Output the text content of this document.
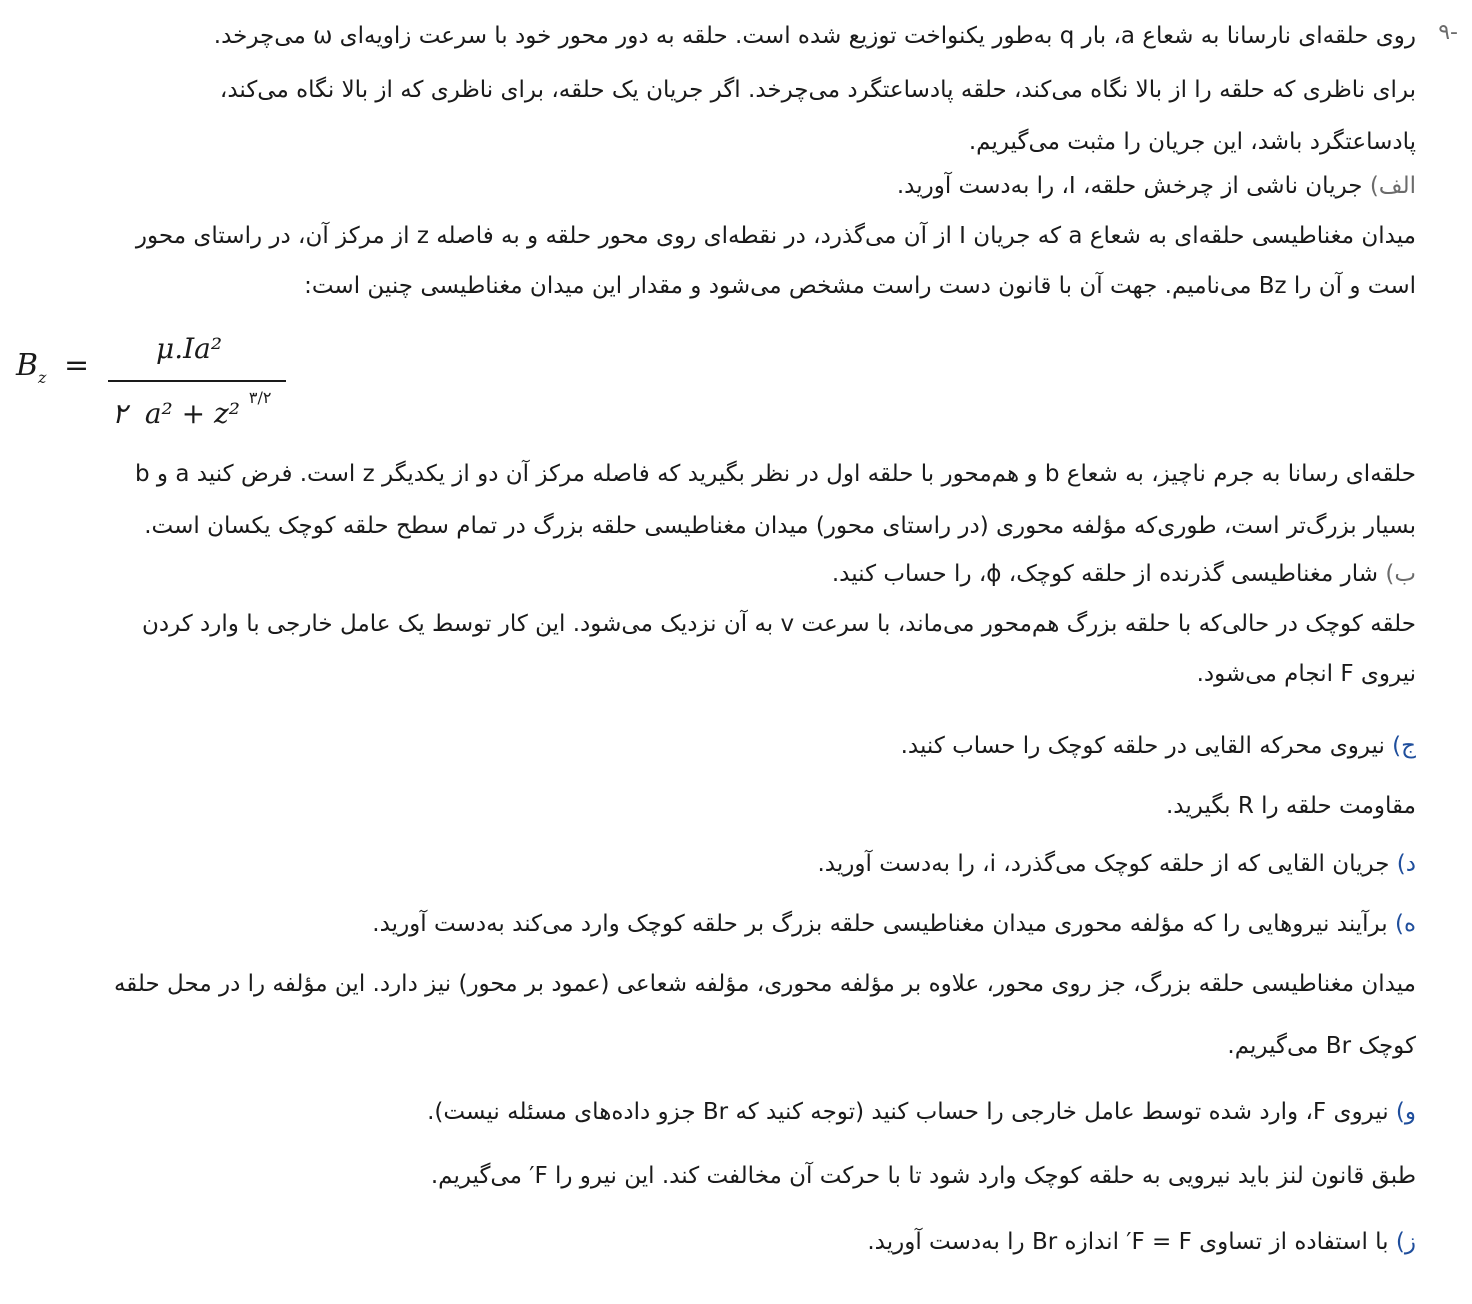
-۹
روی حلقه‌ای نارسانا به شعاع a، بار q به‌طور یکنواخت توزیع شده است. حلقه به دور محور خود با سرعت زاویه‌ای ω می‌چرخد.
برای ناظری که حلقه را از بالا نگاه می‌کند، حلقه پادساعتگرد می‌چرخد. اگر جریان یک حلقه، برای ناظری که از بالا نگاه می‌کند،
پادساعتگرد باشد، این جریان را مثبت می‌گیریم.
الف) جریان ناشی از چرخش حلقه، I، را به‌دست آورید.
میدان مغناطیسی حلقه‌ای به شعاع a که جریان I از آن می‌گذرد، در نقطه‌ای روی محور حلقه و به فاصله z از مرکز آن، در راستای محور
است و آن را Bz می‌نامیم. جهت آن با قانون دست راست مشخص می‌شود و مقدار این میدان مغناطیسی چنین است:
$B_z = \mu.Ia^2$
۲ a² + z² $^{۳/۲}$
حلقه‌ای رسانا به جرم ناچیز، به شعاع b و هم‌محور با حلقه اول در نظر بگیرید که فاصله مرکز آن دو از یکدیگر z است. فرض کنید a و b
بسیار بزرگ‌تر است، طوری‌که مؤلفه محوری (در راستای محور) میدان مغناطیسی حلقه بزرگ در تمام سطح حلقه کوچک یکسان است.
ب) شار مغناطیسی گذرنده از حلقه کوچک، ϕ، را حساب کنید.
حلقه کوچک در حالی‌که با حلقه بزرگ هم‌محور می‌ماند، با سرعت v به آن نزدیک می‌شود. این کار توسط یک عامل خارجی با وارد کردن
نیروی F انجام می‌شود.
ج) نیروی محرکه القایی در حلقه کوچک را حساب کنید.
مقاومت حلقه را R بگیرید.
د) جریان القایی که از حلقه کوچک می‌گذرد، i، را به‌دست آورید.
ه) برآیند نیروهایی را که مؤلفه محوری میدان مغناطیسی حلقه بزرگ بر حلقه کوچک وارد می‌کند به‌دست آورید.
میدان مغناطیسی حلقه بزرگ، جز روی محور، علاوه بر مؤلفه محوری، مؤلفه شعاعی (عمود بر محور) نیز دارد. این مؤلفه را در محل حلقه
کوچک Br می‌گیریم.
و) نیروی F، وارد شده توسط عامل خارجی را حساب کنید (توجه کنید که Br جزو داده‌های مسئله نیست).
طبق قانون لنز باید نیرویی به حلقه کوچک وارد شود تا با حرکت آن مخالفت کند. این نیرو را F′ می‌گیریم.
ز) با استفاده از تساوی F = F′ اندازه Br را به‌دست آورید.
